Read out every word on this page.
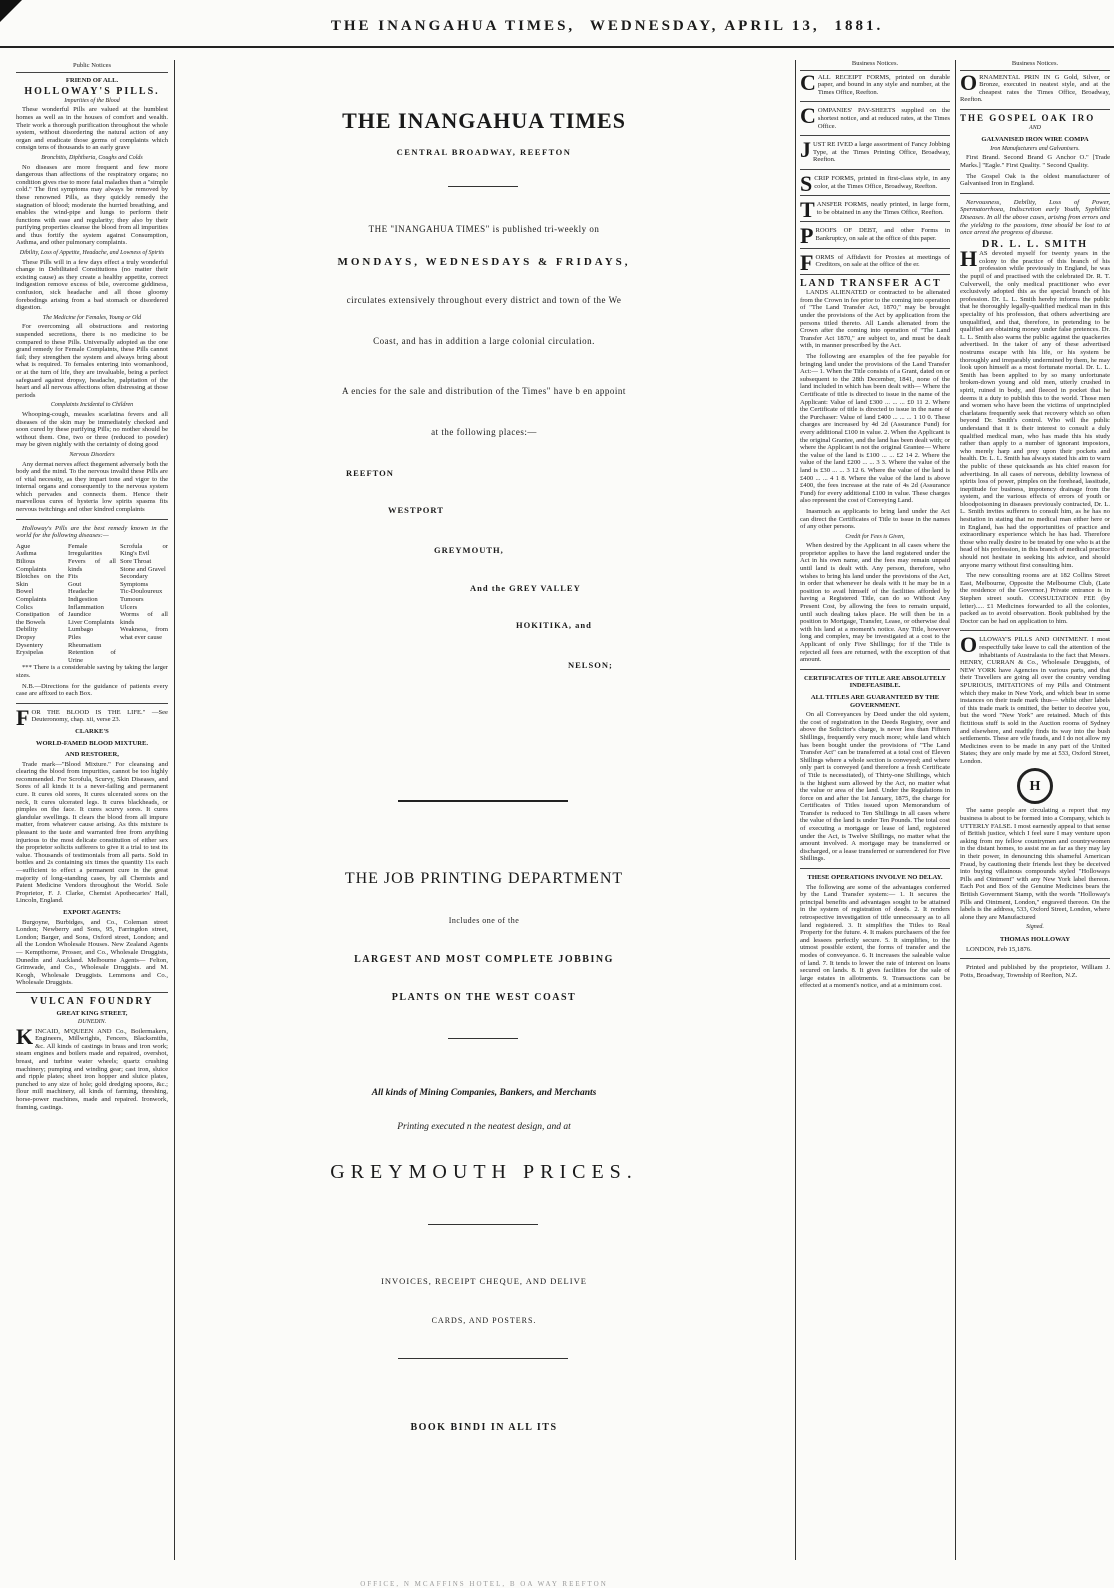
THE INANGAHUA TIMES, WEDNESDAY, APRIL 13, 1881.
Public Notices
FRIEND OF ALL.
HOLLOWAY'S PILLS.
Impurities of the Blood

These wonderful Pills are valued at the humblest homes as well as in the houses of comfort and wealth. Their work a thorough purification throughout the whole system, without disordering the natural action of any organ and eradicate those germs of complaints which consign tens of thousands to an early grave

Bronchitis, Diphtheria, Coughs and Colds

No diseases are more frequent and few more dangerous than affections of the respiratory organs; no condition gives rise to more fatal maladies than a "simple cold." The first symptoms may always be removed by these renowned Pills, as they quickly remedy the stagnation of blood; moderate the hurried breathing, and enables the wind-pipe and lungs to perform their functions with ease and regularity; they also by their purifying properties cleanse the blood from all impurities and thus fortify the system against Consumption, Asthma, and other pulmonary complaints.

Dibility, Loss of Appetite, Headache, and Lowness of Spirits

These Pills will in a few days effect a truly wonderful change in Debilitated Constitutions (no matter their existing cause) as they create a healthy appetite, correct indigestion remove excess of bile, overcome giddiness, confusion, sick headache and all those gloomy forebodings arising from a bad stomach or disordered digestion.

The Medicine for Females, Young or Old

For overcoming all obstructions and restoring suspended secretions, there is no medicine to be compared to these Pills. Universally adopted as the one grand remedy for Female Complaints, these Pills cannot fail; they strengthen the system and always bring about what is required. To females entering into womanhood, or at the turn of life, they are invaluable, being a perfect safeguard against dropsy, headache, palpitation of the heart and all nervous affections often distressing at those periods

Complaints Incidental to Children

Whooping-cough, measles scarlatina fevers and all diseases of the skin may be immediately checked and soon cured by these purifying Pills; no mother should be without them. One, two or three (reduced to powder) may be given nightly with the certainty of doing good

Nervous Disorders

Any dermat nerves affect thegement adversely both the body and the mind. To the nervous invalid these Pills are of vital necessity, as they impart tone and vigor to the internal organs and consequently to the nervous system which pervades and connects them. Hence their marvellous cures of hysteria low spirits spasms fits nervous twitchings and other kindred complaints

Holloway's Pills are the best remedy known in the world for the following diseases:—

Ague
Asthma
Bilious Complaints
Blotches on the Skin
Bowel Complaints
Colics
Constipation of the Bowels
Debility
Dropsy
Dysentery
Erysipelas
Female Irregularities
Fevers of all kinds
Fits
Gout
Headache
Indigestion
Inflammation
Jaundice
Liver Complaints
Lumbago
Piles
Rheumatism
Retention of Urine
Scrofula or King's Evil
Sore Throat
Stone and Gravel
Secondary Symptoms
Tic-Douloureux
Tumours
Ulcers
Worms of all kinds
Weakness, from what ever cause

*** There is a considerable saving by taking the larger sizes.

N.B.—Directions for the guidance of patients every case are affixed to each Box.

FOR THE BLOOD IS THE LIFE." —See Deuteronomy, chap. xii, verse 23.

CLARKE'S
WORLD-FAMED BLOOD MIXTURE.
AND RESTORER,

Trade mark—"Blood Mixture." For cleansing and clearing the blood from impurities, cannot be too highly recommended. For Scrofula, Scurvy, Skin Diseases, and Sores of all kinds it is a never-failing and permanent cure. It cures old sores, It cures ulcerated sores on the neck, It cures ulcerated legs. It cures blackheads, or pimples on the face. It cures scurvy sores. It cures glandular swellings. It clears the blood from all impure matter, from whatever cause arising. As this mixture is pleasant to the taste and warranted free from anything injurious to the most delicate constitution of either sex the proprietor solicits sufferers to give it a trial to test its value. Thousands of testimonials from all parts. Sold in bottles and 2s containing six times the quantity 11s each—sufficient to effect a permanent cure in the great majority of long-standing cases, by all Chemists and Patent Medicine Vendors throughout the World. Sole Proprietor, F. J. Clarke, Chemist Apothecaries' Hall, Lincoln, England.

EXPORT AGENTS:

Burgoyne, Burbidges, and Co., Coleman street London; Newberry and Sons, 95, Farringdon street, London; Barger, and Sons, Oxford street, London; and all the London Wholesale Houses. New Zealand Agents— Kempthorne, Prosser, and Co., Wholesale Druggists, Dunedin and Auckland. Melbourne Agents— Felton, Grimwade, and Co., Wholesale Druggists. and M. Keogh, Wholesale Druggists. Lemmons and Co., Wholesale Druggists.

VULCAN FOUNDRY
GREAT KING STREET,
DUNEDIN.

KINCAID, M'QUEEN AND Co., Boilermakers, Engineers, Millwrights, Fencers, Blacksmiths, &c. All kinds of castings in brass and iron work; steam engines and boilers made and repaired, overshot, breast, and turbine water wheels; quartz crushing machinery; pumping and winding gear; cast iron, sluice and ripple plates; sheet iron hopper and sluice plates, punched to any size of hole; gold dredging spoons, &c.; flour mill machinery, all kinds of farming, threshing, horse-power machines, made and repaired. Ironwork, framing, castings.

THE INANGAHUA TIMES
CENTRAL BROADWAY, REEFTON
THE "INANGAHUA TIMES" is published tri-weekly on
MONDAYS, WEDNESDAYS & FRIDAYS,
circulates extensively throughout every district and town of the We
Coast, and has in addition a large colonial circulation.
A encies for the sale and distribution of the Times" have b en appoint
at the following places:—
REEFTON
WESTPORT
GREYMOUTH,
And the GREY VALLEY
HOKITIKA, and
NELSON;
THE JOB PRINTING DEPARTMENT
Includes one of the
LARGEST AND MOST COMPLETE JOBBING
PLANTS ON THE WEST COAST
All kinds of Mining Companies, Bankers, and Merchants
Printing executed n the neatest design, and at
GREYMOUTH PRICES.
INVOICES, RECEIPT CHEQUE, AND DELIVE
CARDS, AND POSTERS.
BOOK BINDI IN ALL ITS
OFFICE, N MCAFFINS HOTEL, B OA WAY REEFTON
Business Notices.

CALL RECEIPT FORMS, printed on durable paper, and bound in any style and number, at the Times Office, Reefton.

COMPANIES' PAY-SHEETS supplied on the shortest notice, and at reduced rates, at the Times Office.

JUST RE IVED a large assortment of Fancy Jobbing Type, at the Times Printing Office, Broadway, Reefton.

SCRIP FORMS, printed in first-class style, in any color, at the Times Office, Broadway, Reefton.

TANSFER FORMS, neatly printed, in large form, to be obtained in any the Times Office, Reefton.

PROOFS OF DEBT, and other Forms in Bankruptcy, on sale at the office of this paper.

FORMS of Affidavit for Proxies at meetings of Creditors, on sale at the office of the er.

LAND TRANSFER ACT

LANDS ALIENATED or contracted to be alienated from the Crown in fee prior to the coming into operation of "The Land Transfer Act, 1870," may be brought under the provisions of the Act by application from the persons titled thereto. All Lands alienated from the Crown after the coming into operation of "The Land Transfer Act 1870," are subject to, and must be dealt with, in manner prescribed by the Act.

The following are examples of the fee payable for bringing land under the provisions of the Land Transfer Act:— 1. When the Title consists of a Grant, dated on or subsequent to the 28th December, 1841, none of the land included in which has been dealt with— Where the Certificate of title is directed to issue in the name of the Applicant: Value of land £300 ... ... ... £0 11 2. Where the Certificate of title is directed to issue in the name of the Purchaser: Value of land £400 ... ... ... 1 10 0. These charges are increased by 4d 2d (Assurance Fund) for every additional £100 in value. 2. When the Applicant is the original Grantee, and the land has been dealt with; or where the Applicant is not the original Grantee— Where the value of the land is £100 ... ... £2 14 2. Where the value of the land £200 ... ... 3 3. Where the value of the land is £30 ... ... 3 12 6. Where the value of the land is £400 ... ... 4 1 8. Where the value of the land is above £400, the fees increase at the rate of 4s 2d (Assurance Fund) for every additional £100 in value. These charges also represent the cost of Conveying Land.

Inasmuch as applicants to bring land under the Act can direct the Certificates of Title to issue in the names of any other persons.

Credit for Fees is Given,

When desired by the Applicant in all cases where the proprietor applies to have the land registered under the Act in his own name, and the fees may remain unpaid until land is dealt with. Any person, therefore, who wishes to bring his land under the provisions of the Act, in order that whenever he deals with it he may be in a position to avail himself of the facilities afforded by having a Registered Title, can do so Without Any Present Cost, by allowing the fees to remain unpaid, until such dealing takes place. He will then be in a position to Mortgage, Transfer, Lease, or otherwise deal with his land at a moment's notice. Any Title, however long and complex, may be investigated at a cost to the Applicant of only Five Shillings; for if the Title is rejected all fees are returned, with the exception of that amount.

CERTIFICATES OF TITLE ARE ABSOLUTELY INDEFEASIBLE.
ALL TITLES ARE GUARANTEED BY THE GOVERNMENT.

On all Conveyances by Deed under the old system, the cost of registration in the Deeds Registry, over and above the Solicitor's charge, is never less than Fifteen Shillings, frequently very much more; while land which has been bought under the provisions of "The Land Transfer Act" can be transferred at a total cost of Eleven Shillings where a whole section is conveyed; and where only part is conveyed (and therefore a fresh Certificate of Title is necessitated), of Thirty-one Shillings, which is the highest sum allowed by the Act, no matter what the value or area of the land. Under the Regulations in force on and after the 1st January, 1875, the charge for Certificates of Titles issued upon Memorandum of Transfer is reduced to Ten Shillings in all cases where the value of the land is under Ten Pounds. The total cost of executing a mortgage or lease of land, registered under the Act, is Twelve Shillings, no matter what the amount involved. A mortgage may be transferred or discharged, or a lease transferred or surrendered for Five Shillings.

THESE OPERATIONS INVOLVE NO DELAY.

The following are some of the advantages conferred by the Land Transfer system:— 1. It secures the principal benefits and advantages sought to be attained in the system of registration of deeds. 2. It renders retrospective investigation of title unnecessary as to all land registered. 3. It simplifies the Titles to Real Property for the future. 4. It makes purchasers of the fee and lessees perfectly secure. 5. It simplifies, to the utmost possible extent, the forms of transfer and the modes of conveyance. 6. It increases the saleable value of land. 7. It tends to lower the rate of interest on loans secured on lands. 8. It gives facilities for the sale of large estates in allotments. 9. Transactions can be effected at a moment's notice, and at a minimum cost.

Business Notices.

ORNAMENTAL PRIN IN G Gold, Silver, or Bronze, executed in neatest style, and at the cheapest rates the Times Office, Broadway, Reefton.

THE GOSPEL OAK IRO
AND
GALVANISED IRON WIRE COMPA
Iron Manufacturers and Galvanisers.

First Brand. Second Brand G Anchor O." [Trade Marks.] "Eagle." First Quality. " Second Quality.

The Gospel Oak is the oldest manufacturer of Galvanised Iron in England.

Nervousness, Debility, Loss of Power, Spermatorrhoea, Indiscretion early Youth, Syphilitic Diseases. In all the above cases, arising from errors and the yielding to the passions, time should be lost to at once arrest the progress of disease.

DR. L. L. SMITH

HAS devoted myself for twenty years in the colony to the practice of this branch of his profession while previously in England, he was the pupil of and practised with the celebrated Dr. R. T. Culverwell, the only medical practitioner who ever exclusively adopted this as the special branch of his profession. Dr. L. L. Smith hereby informs the public that he thoroughly legally-qualified medical man in this speciality of his profession, that others advertising are unqualified, and that, therefore, in pretending to be qualified are obtaining money under false pretences. Dr. L. L. Smith also warns the public against the quackeries advertised. In the taker of any of these advertised nostrums escape with his life, or his system be thoroughly and irreparably undermined by them, he may look upon himself as a most fortunate mortal. Dr. L. L. Smith has been applied to by so many unfortunate broken-down young and old men, utterly crushed in spirit, ruined in body, and fleeced in pocket that he deems it a duty to publish this to the world. Those men and women who have been the victims of unprincipled charlatans frequently seek that recovery which so often beyond Dr. Smith's control. Who will the public understand that it is their interest to consult a duly qualified medical man, who has made this his study rather than apply to a number of ignorant impostors, who merely harp and prey upon their pockets and health. Dr. L. L. Smith has always stated his aim to warn the public of these quicksands as his chief reason for advertising. In all cases of nervous, debility lowness of spirits loss of power, pimples on the forehead, lassitude, ineptitude for business, impotency drainage from the system, and the various effects of errors of youth or bloodpoisoning in diseases previously contracted, Dr. L. L. Smith invites sufferers to consult him, as he has no hesitation in stating that no medical man either here or in England, has had the opportunities of practice and extraordinary experience which he has had. Therefore those who really desire to be treated by one who is at the head of his profession, in this branch of medical practice should not hesitate in seeking his advice, and should anyone marry without first consulting him.

The new consulting rooms are at 182 Collins Street East, Melbourne, Opposite the Melbourne Club, (Late the residence of the Governor.) Private entrance is in Stephen street south. CONSULTATION FEE (by letter)..... £1 Medicines forwarded to all the colonies, packed as to avoid observation. Book published by the Doctor can be had on application to him.

OLLOWAY'S PILLS AND OINTMENT. I most respectfully take leave to call the attention of the inhabitants of Australasia to the fact that Messrs. HENRY, CURRAN & Co., Wholesale Druggists, of NEW YORK have Agencies in various parts, and that their Travellers are going all over the country vending SPURIOUS, IMITATIONS of my Pills and Ointment which they make in New York, and which bear in some instances on their trade mark thus— whilst other labels of this trade mark is omitted, the better to deceive you, but the word "New York" are retained. Much of this fictitious stuff is sold in the Auction rooms of Sydney and elsewhere, and readily finds its way into the bush settlements. These are vile frauds, and I do not allow my Medicines even to be made in any part of the United States; they are only made by me at 533, Oxford Street, London.

H

The same people are circulating a report that my business is about to be formed into a Company, which is UTTERLY FALSE. I most earnestly appeal to that sense of British justice, which I feel sure I may venture upon asking from my fellow countrymen and countrywomen in the distant homes, to assist me as far as they may lay in their power, in denouncing this shameful American Fraud, by cautioning their friends lest they be deceived into buying villainous compounds styled "Holloways Pills and Ointment" with any New York label thereon. Each Pot and Box of the Genuine Medicines bears the British Government Stamp, with the words "Holloway's Pills and Ointment, London," engraved thereon. On the labels is the address, 533, Oxford Street, London, where alone they are Manufactured

Signed.
THOMAS HOLLOWAY

LONDON, Feb 15,1876.

Printed and published by the proprietor, William J. Potts, Broadway, Township of Reefton, N.Z.
